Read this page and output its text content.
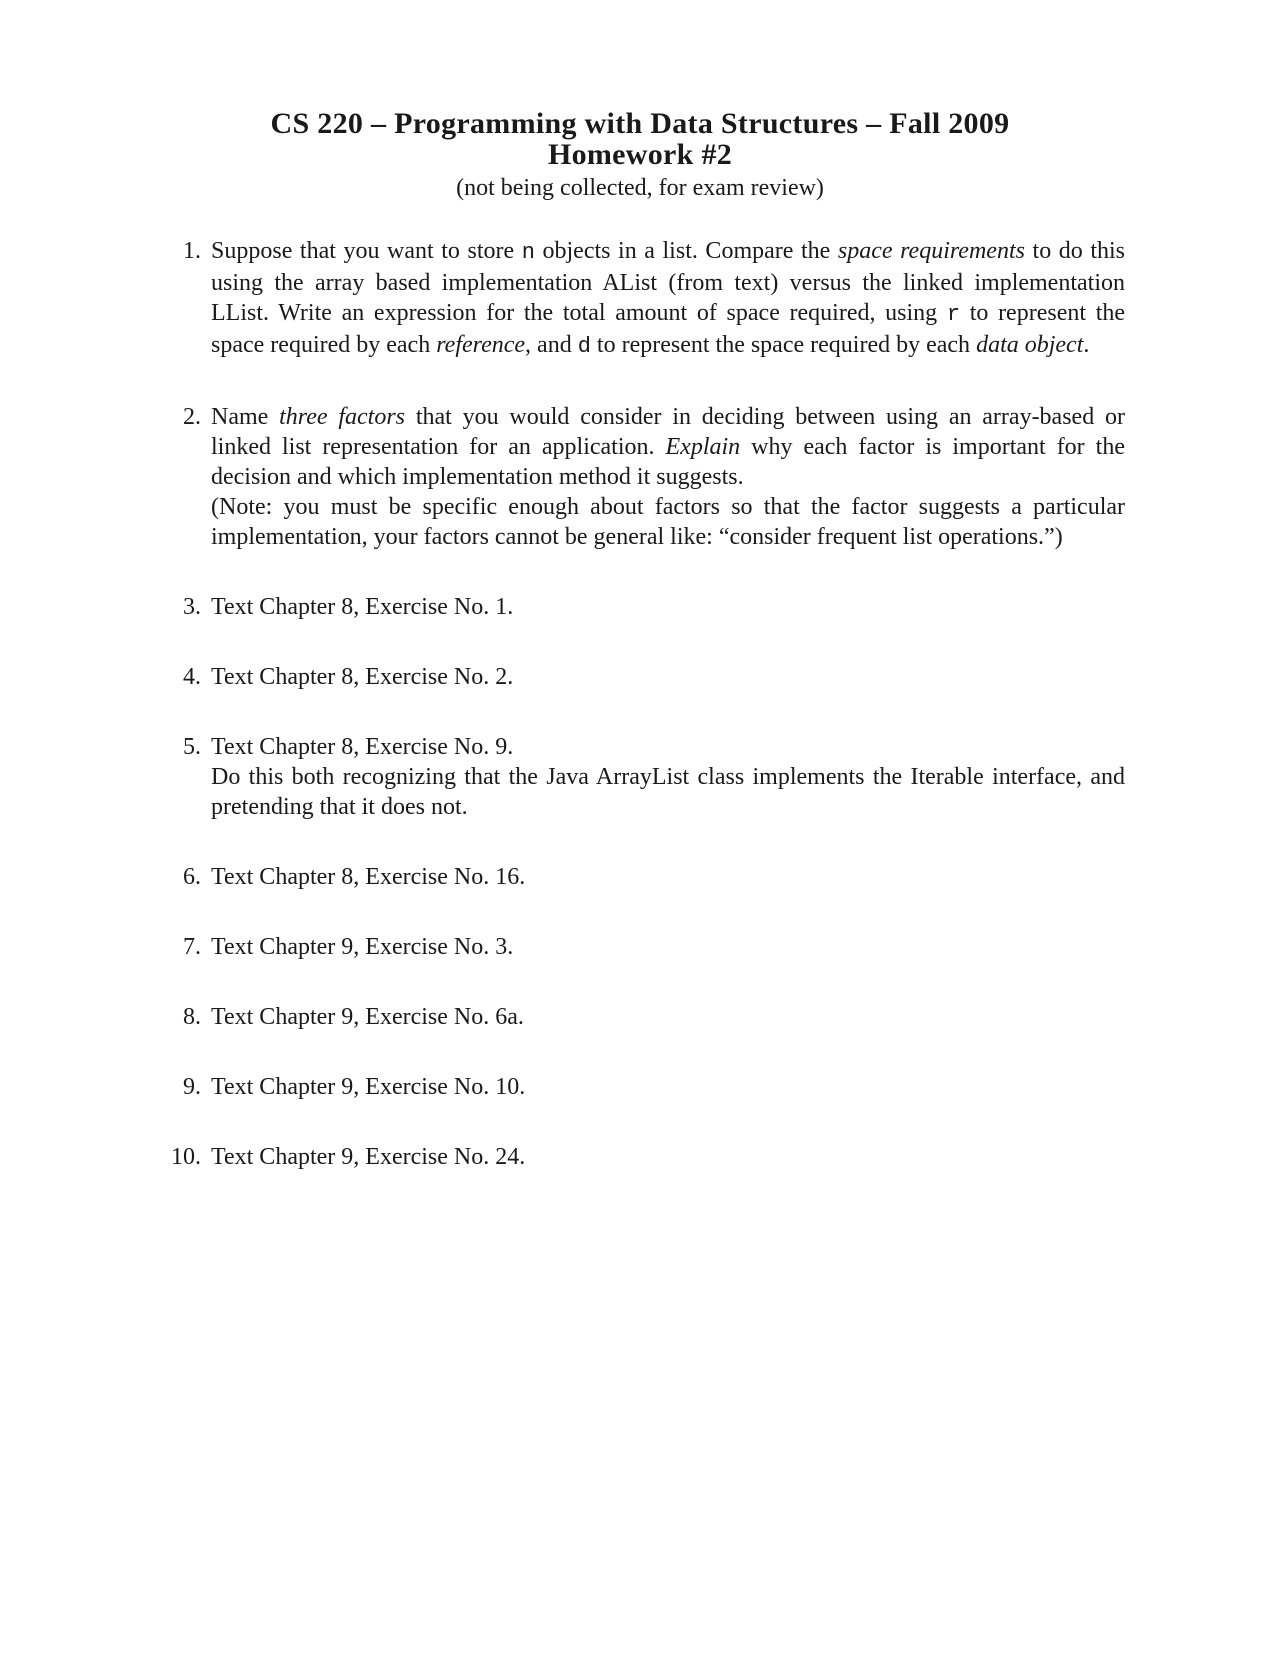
CS 220 – Programming with Data Structures – Fall 2009
Homework #2
(not being collected, for exam review)
1. Suppose that you want to store n objects in a list. Compare the space requirements to do this using the array based implementation AList (from text) versus the linked implementation LList. Write an expression for the total amount of space required, using r to represent the space required by each reference, and d to represent the space required by each data object.

2. Name three factors that you would consider in deciding between using an array-based or linked list representation for an application. Explain why each factor is important for the decision and which implementation method it suggests.

(Note: you must be specific enough about factors so that the factor suggests a particular implementation, your factors cannot be general like: “consider frequent list operations.”)

3. Text Chapter 8, Exercise No. 1.

4. Text Chapter 8, Exercise No. 2.

5. Text Chapter 8, Exercise No. 9.

Do this both recognizing that the Java ArrayList class implements the Iterable interface, and pretending that it does not.

6. Text Chapter 8, Exercise No. 16.

7. Text Chapter 9, Exercise No. 3.

8. Text Chapter 9, Exercise No. 6a.

9. Text Chapter 9, Exercise No. 10.

10. Text Chapter 9, Exercise No. 24.
